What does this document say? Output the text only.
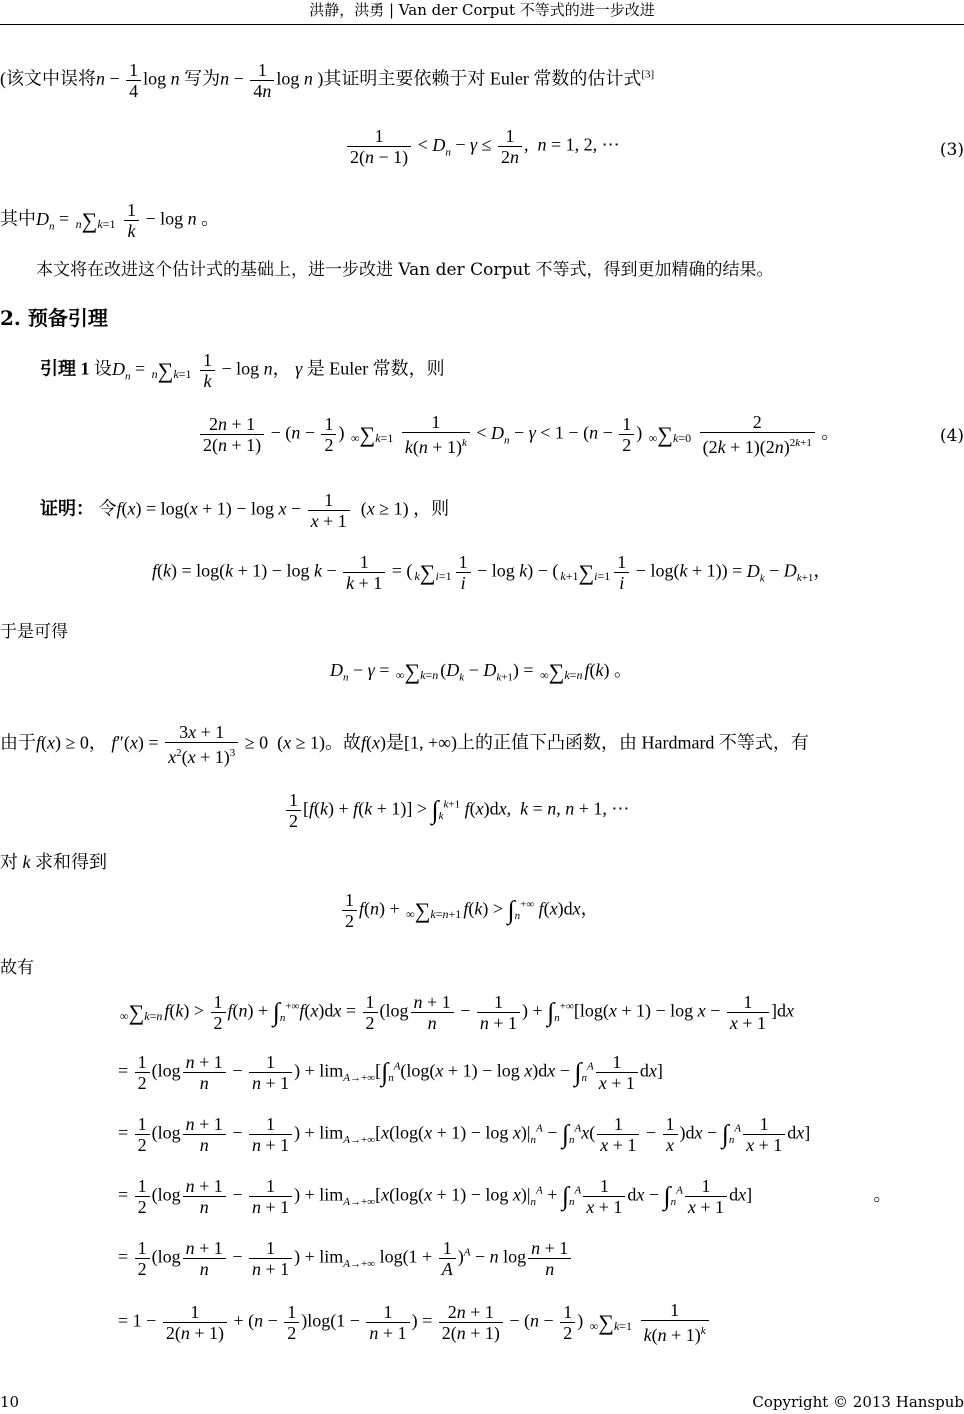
洪静，洪勇 | Van der Corput 不等式的进一步改进
(该文中误将$n - \frac{1}{4}$ log n 写为$n - \frac{1}{4n}$ log n )其证明主要依赖于对 Euler 常数的估计式[3]
$\frac{1}{2(n - 1)} < D_n - \gamma \le \frac{1}{2n}$ ,  n = 1, 2, ⋯	(3)
其中$D_n = n\sum k=1 \frac{1}{k} - \log n$ 。
本文将在改进这个估计式的基础上，进一步改进 Van der Corput 不等式，得到更加精确的结果。
2. 预备引理
引理 1 设$D_n = n\sum k=1 \frac{1}{k} - \log n$， γ 是 Euler 常数，则
$\frac{2n + 1}{2(n + 1)} - (n - \frac{1}{2}$ ) $\infty\sum k=1 \frac{1}{k(n + 1)^k} < D_n - \gamma < 1 - (n - \frac{1}{2}$ ) $\infty\sum k=0 \frac{2}{(2k + 1)(2n)^{2k+1}}$ 。	(4)
证明： 令$f(x) = \log(x + 1) - \log x - \frac{1}{x + 1} (x \ge 1)$ ，则
$f(k) = \log(k + 1) - \log k - \frac{1}{k + 1}$ = ( $k\sum i=1 \frac{1}{i} - \log k$) − ( $k+1\sum i=1 \frac{1}{i} - \log(k + 1)) = D_k - D_{k+1}$，
于是可得
$D_n - \gamma = \infty\sum k=n$ $(D_k - D_{k+1}) = \infty\sum k=n$ f(k) 。
由于f(x) ≥ 0， $f''(x) = \frac{3x + 1}{x^2(x + 1)^3} \ge 0$  (x ≥ 1)。故f(x)是[1, +∞)上的正值下凸函数，由 Hardmard 不等式，有
$\frac{1}{2} [f(k) + f(k + 1)] > \int_k^{k+1}$ f(x)dx,  k = n, n + 1, ⋯
对 k 求和得到
$\frac{1}{2} f(n) + \infty\sum k=n+1$ $f(k) > \int_n^{+\infty}$ f(x)dx，
故有
∞∑k=n $f(k) > \frac{1}{2} f(n) + \int_n^{+\infty}f(x)dx = \frac{1}{2} (\log \frac{n + 1}{n} - \frac{1}{n + 1}$ ) + $\int_n^{+\infty}[\log(x + 1) - \log x - \frac{1}{x + 1} ]dx$
= $\frac{1}{2} (\log \frac{n + 1}{n} - \frac{1}{n + 1}$ ) + $\lim_{A\to+\infty}[\int_n^A(\log(x + 1) - \log x)dx - \int_n^A \frac{1}{x + 1} dx]$
= $\frac{1}{2} (\log \frac{n + 1}{n} - \frac{1}{n + 1}$ ) + $\lim_{A\to+\infty}[x(\log(x + 1) - \log x)|_n^A - \int_n^Ax( \frac{1}{x + 1} - \frac{1}{x} )dx - \int_n^A \frac{1}{x + 1} dx]$
= $\frac{1}{2} (\log \frac{n + 1}{n} - \frac{1}{n + 1}$ ) + $\lim_{A\to+\infty}[x(\log(x + 1) - \log x)|_n^A + \int_n^A \frac{1}{x + 1}$ dx − $\int_n^A \frac{1}{x + 1} dx$]                           。
= $\frac{1}{2} (\log \frac{n + 1}{n} - \frac{1}{n + 1}$ ) + $\lim_{A\to+\infty} \log(1 + \frac{1}{A} )^A - n$ $\log \frac{n + 1}{n}$
= $1 - \frac{1}{2(n + 1)} + (n - \frac{1}{2} )\log(1 - \frac{1}{n + 1}$ ) = $\frac{2n + 1}{2(n + 1)} - (n - \frac{1}{2}$ ) $\infty\sum k=1 \frac{1}{k(n + 1)^k}$
10	Copyright © 2013 Hanspub
